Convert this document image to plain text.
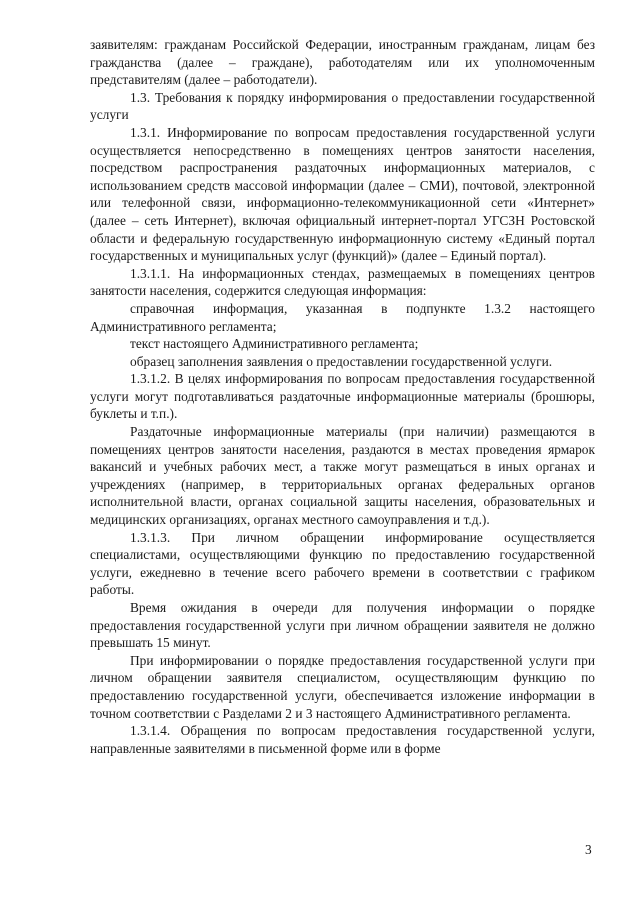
заявителям: гражданам Российской Федерации, иностранным гражданам, лицам без гражданства (далее – граждане), работодателям или их уполномоченным представителям (далее – работодатели).

1.3. Требования к порядку информирования о предоставлении государственной услуги

1.3.1. Информирование по вопросам предоставления государственной услуги осуществляется непосредственно в помещениях центров занятости населения, посредством распространения раздаточных информационных материалов, с использованием средств массовой информации (далее – СМИ), почтовой, электронной или телефонной связи, информационно-телекоммуникационной сети «Интернет» (далее – сеть Интернет), включая официальный интернет-портал УГСЗН Ростовской области и федеральную государственную информационную систему «Единый портал государственных и муниципальных услуг (функций)» (далее – Единый портал).

1.3.1.1. На информационных стендах, размещаемых в помещениях центров занятости населения, содержится следующая информация:

справочная информация, указанная в подпункте 1.3.2 настоящего Административного регламента;

текст настоящего Административного регламента;

образец заполнения заявления о предоставлении государственной услуги.

1.3.1.2. В целях информирования по вопросам предоставления государственной услуги могут подготавливаться раздаточные информационные материалы (брошюры, буклеты и т.п.).

Раздаточные информационные материалы (при наличии) размещаются в помещениях центров занятости населения, раздаются в местах проведения ярмарок вакансий и учебных рабочих мест, а также могут размещаться в иных органах и учреждениях (например, в территориальных органах федеральных органов исполнительной власти, органах социальной защиты населения, образовательных и медицинских организациях, органах местного самоуправления и т.д.).

1.3.1.3. При личном обращении информирование осуществляется специалистами, осуществляющими функцию по предоставлению государственной услуги, ежедневно в течение всего рабочего времени в соответствии с графиком работы.

Время ожидания в очереди для получения информации о порядке предоставления государственной услуги при личном обращении заявителя не должно превышать 15 минут.

При информировании о порядке предоставления государственной услуги при личном обращении заявителя специалистом, осуществляющим функцию по предоставлению государственной услуги, обеспечивается изложение информации в точном соответствии с Разделами 2 и 3 настоящего Административного регламента.

1.3.1.4. Обращения по вопросам предоставления государственной услуги, направленные заявителями в письменной форме или в форме

3
